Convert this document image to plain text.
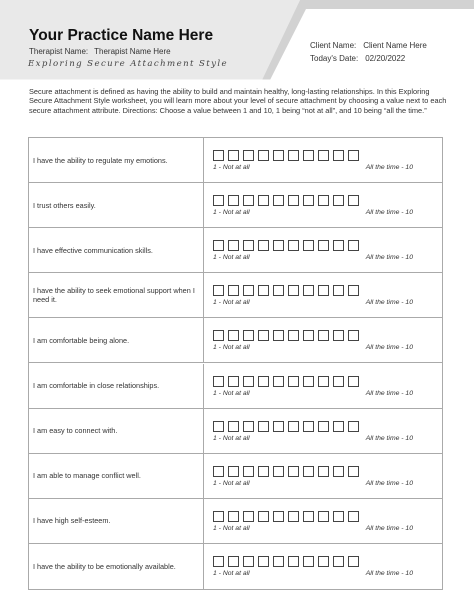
Your Practice Name Here
Therapist Name: Therapist Name Here
Exploring Secure Attachment Style
Client Name: Client Name Here
Today's Date: 02/20/2022
Secure attachment is defined as having the ability to build and maintain healthy, long-lasting relationships. In this Exploring Secure Attachment Style worksheet, you will learn more about your level of secure attachment by choosing a value next to each secure attachment attribute. Directions: Choose a value between 1 and 10, 1 being “not at all”, and 10 being “all the time.”
I have the ability to regulate my emotions.
1 - Not at all	All the time - 10
I trust others easily.
1 - Not at all	All the time - 10
I have effective communication skills.
1 - Not at all	All the time - 10
I have the ability to seek emotional support when I need it.	1 - Not at all	All the time - 10
I am comfortable being alone.
1 - Not at all	All the time - 10
I am comfortable in close relationships.
1 - Not at all	All the time - 10
I am easy to connect with.
1 - Not at all	All the time - 10
I am able to manage conflict well.
1 - Not at all	All the time - 10
I have high self-esteem.
1 - Not at all	All the time - 10
I have the ability to be emotionally available.
1 - Not at all	All the time - 10
